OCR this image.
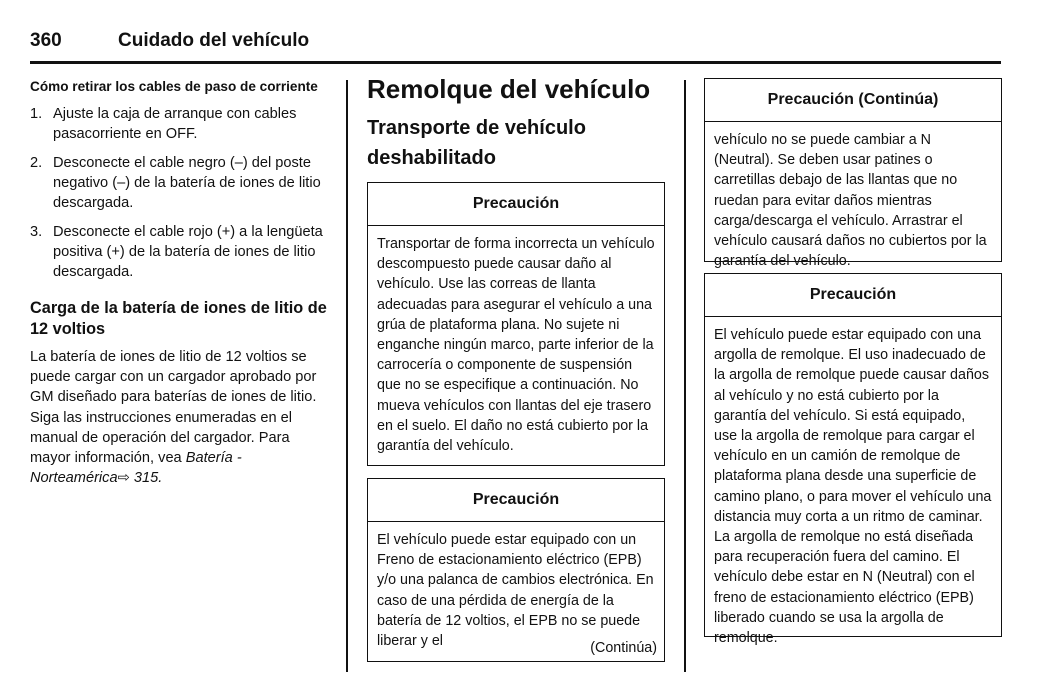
360	Cuidado del vehículo
Cómo retirar los cables de paso de corriente
1. Ajuste la caja de arranque con cables pasacorriente en OFF.
2. Desconecte el cable negro (–) del poste negativo (–) de la batería de iones de litio descargada.
3. Desconecte el cable rojo (+) a la lengüeta positiva (+) de la batería de iones de litio descargada.
Carga de la batería de iones de litio de 12 voltios
La batería de iones de litio de 12 voltios se puede cargar con un cargador aprobado por GM diseñado para baterías de iones de litio. Siga las instrucciones enumeradas en el manual de operación del cargador. Para mayor información, vea Batería - Norteamérica⇨ 315.
Remolque del vehículo
Transporte de vehículo deshabilitado
Precaución
Transportar de forma incorrecta un vehículo descompuesto puede causar daño al vehículo. Use las correas de llanta adecuadas para asegurar el vehículo a una grúa de plataforma plana. No sujete ni enganche ningún marco, parte inferior de la carrocería o componente de suspensión que no se especifique a continuación. No mueva vehículos con llantas del eje trasero en el suelo. El daño no está cubierto por la garantía del vehículo.
Precaución
El vehículo puede estar equipado con un Freno de estacionamiento eléctrico (EPB) y/o una palanca de cambios electrónica. En caso de una pérdida de energía de la batería de 12 voltios, el EPB no se puede liberar y el	(Continúa)
Precaución (Continúa)
vehículo no se puede cambiar a N (Neutral). Se deben usar patines o carretillas debajo de las llantas que no ruedan para evitar daños mientras carga/descarga el vehículo. Arrastrar el vehículo causará daños no cubiertos por la garantía del vehículo.
Precaución
El vehículo puede estar equipado con una argolla de remolque. El uso inadecuado de la argolla de remolque puede causar daños al vehículo y no está cubierto por la garantía del vehículo. Si está equipado, use la argolla de remolque para cargar el vehículo en un camión de remolque de plataforma plana desde una superficie de camino plano, o para mover el vehículo una distancia muy corta a un ritmo de caminar. La argolla de remolque no está diseñada para recuperación fuera del camino. El vehículo debe estar en N (Neutral) con el freno de estacionamiento eléctrico (EPB) liberado cuando se usa la argolla de remolque.
